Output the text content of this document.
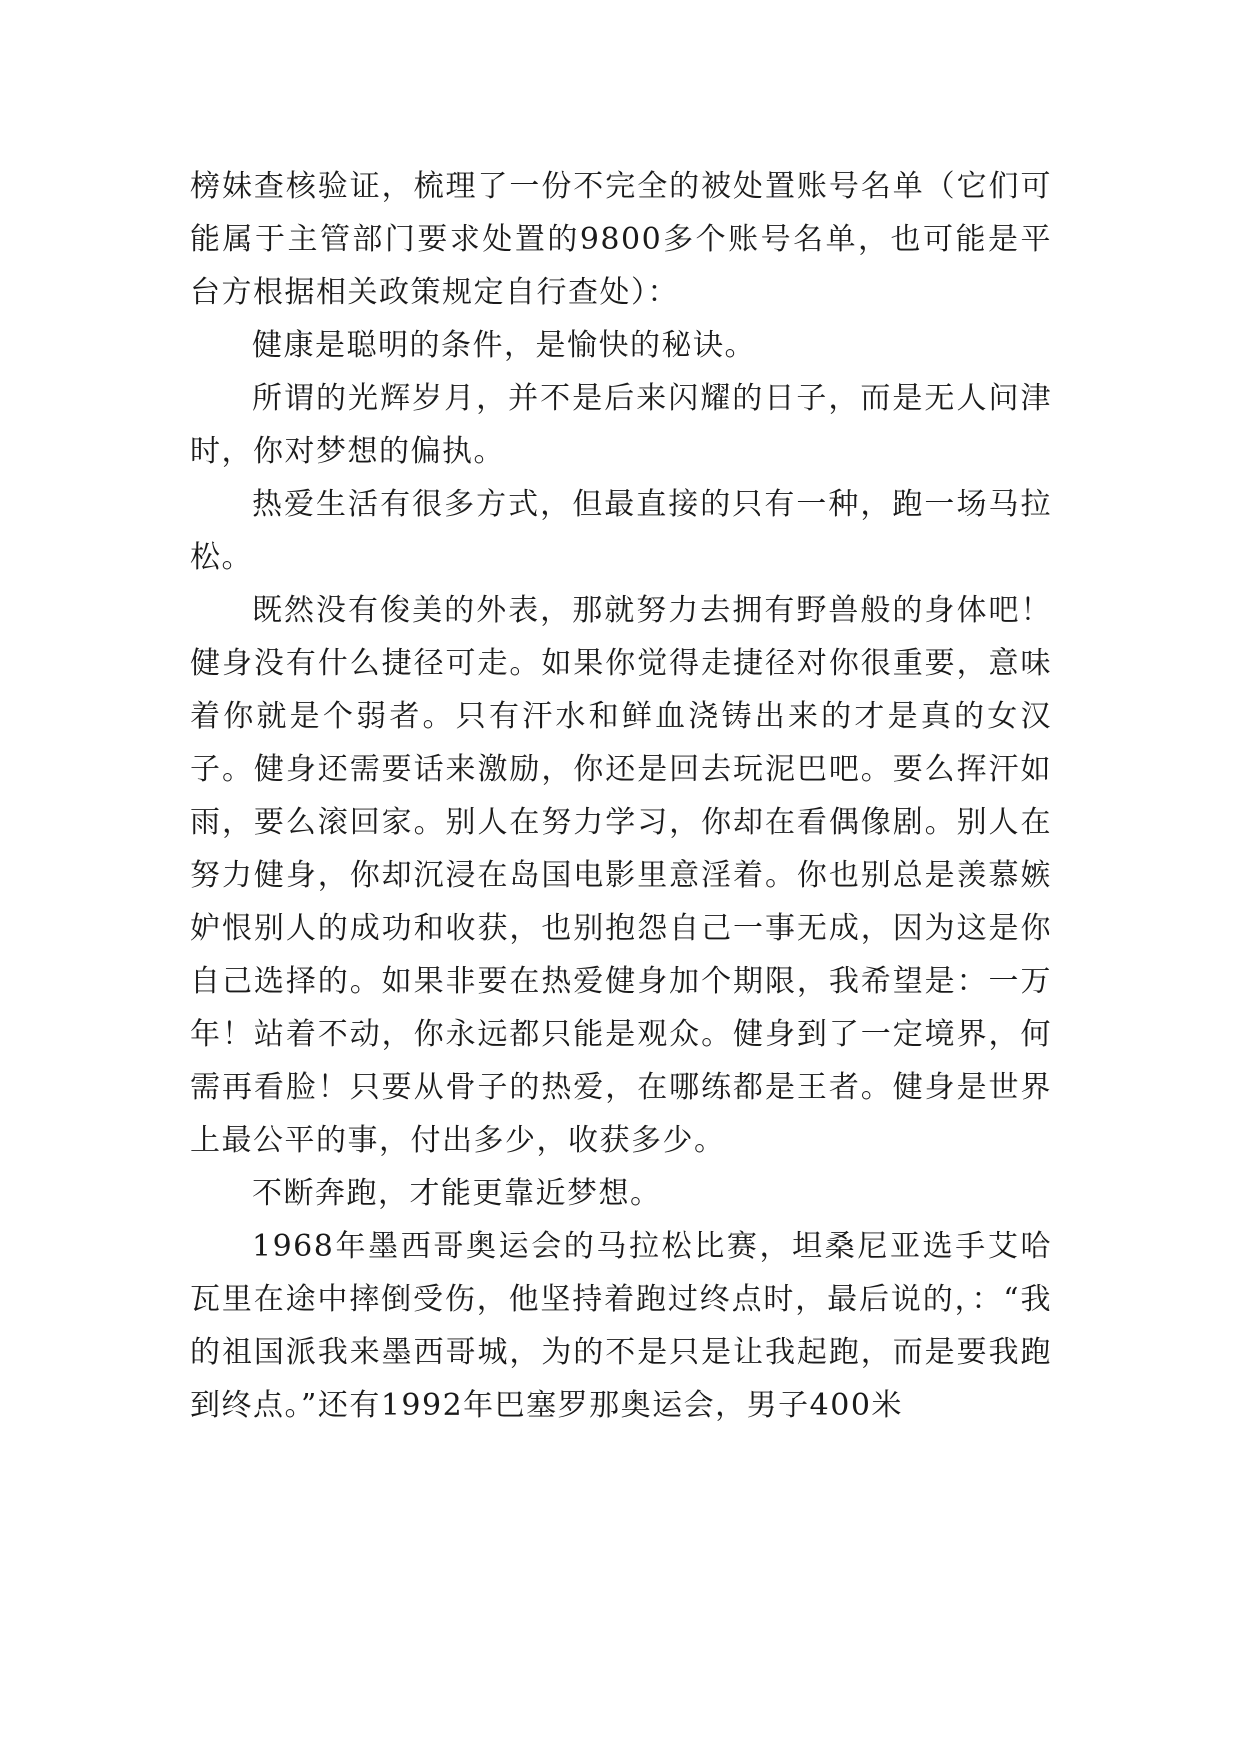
榜妹查核验证，梳理了一份不完全的被处置账号名单（它们可能属于主管部门要求处置的9800多个账号名单，也可能是平台方根据相关政策规定自行查处）：

健康是聪明的条件，是愉快的秘诀。

所谓的光辉岁月，并不是后来闪耀的日子，而是无人问津时，你对梦想的偏执。

热爱生活有很多方式，但最直接的只有一种，跑一场马拉松。

既然没有俊美的外表，那就努力去拥有野兽般的身体吧！健身没有什么捷径可走。如果你觉得走捷径对你很重要，意味着你就是个弱者。只有汗水和鲜血浇铸出来的才是真的女汉子。健身还需要话来激励，你还是回去玩泥巴吧。要么挥汗如雨，要么滚回家。别人在努力学习，你却在看偶像剧。别人在努力健身，你却沉浸在岛国电影里意淫着。你也别总是羡慕嫉妒恨别人的成功和收获，也别抱怨自己一事无成，因为这是你自己选择的。如果非要在热爱健身加个期限，我希望是：一万年！站着不动，你永远都只能是观众。健身到了一定境界，何需再看脸！只要从骨子的热爱，在哪练都是王者。健身是世界上最公平的事，付出多少，收获多少。

不断奔跑，才能更靠近梦想。

1968年墨西哥奥运会的马拉松比赛，坦桑尼亚选手艾哈瓦里在途中摔倒受伤，他坚持着跑过终点时，最后说的，：“我的祖国派我来墨西哥城，为的不是只是让我起跑，而是要我跑到终点。”还有1992年巴塞罗那奥运会，男子400米
